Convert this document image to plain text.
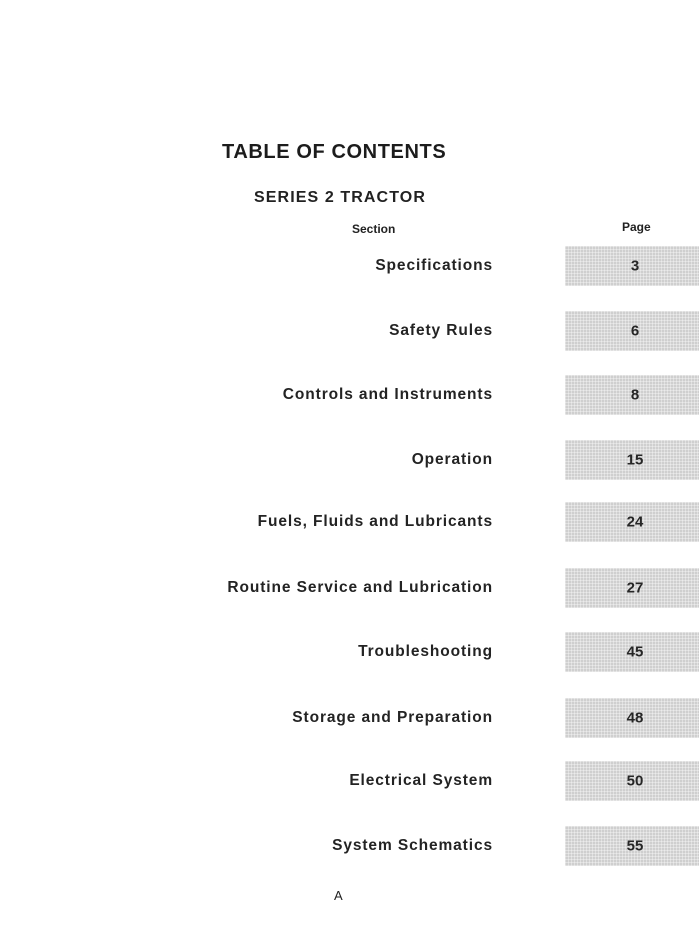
TABLE OF CONTENTS
SERIES 2 TRACTOR
Section	Page
Specifications	3
Safety Rules	6
Controls and Instruments	8
Operation	15
Fuels, Fluids and Lubricants	24
Routine Service and Lubrication	27
Troubleshooting	45
Storage and Preparation	48
Electrical System	50
System Schematics	55
A
